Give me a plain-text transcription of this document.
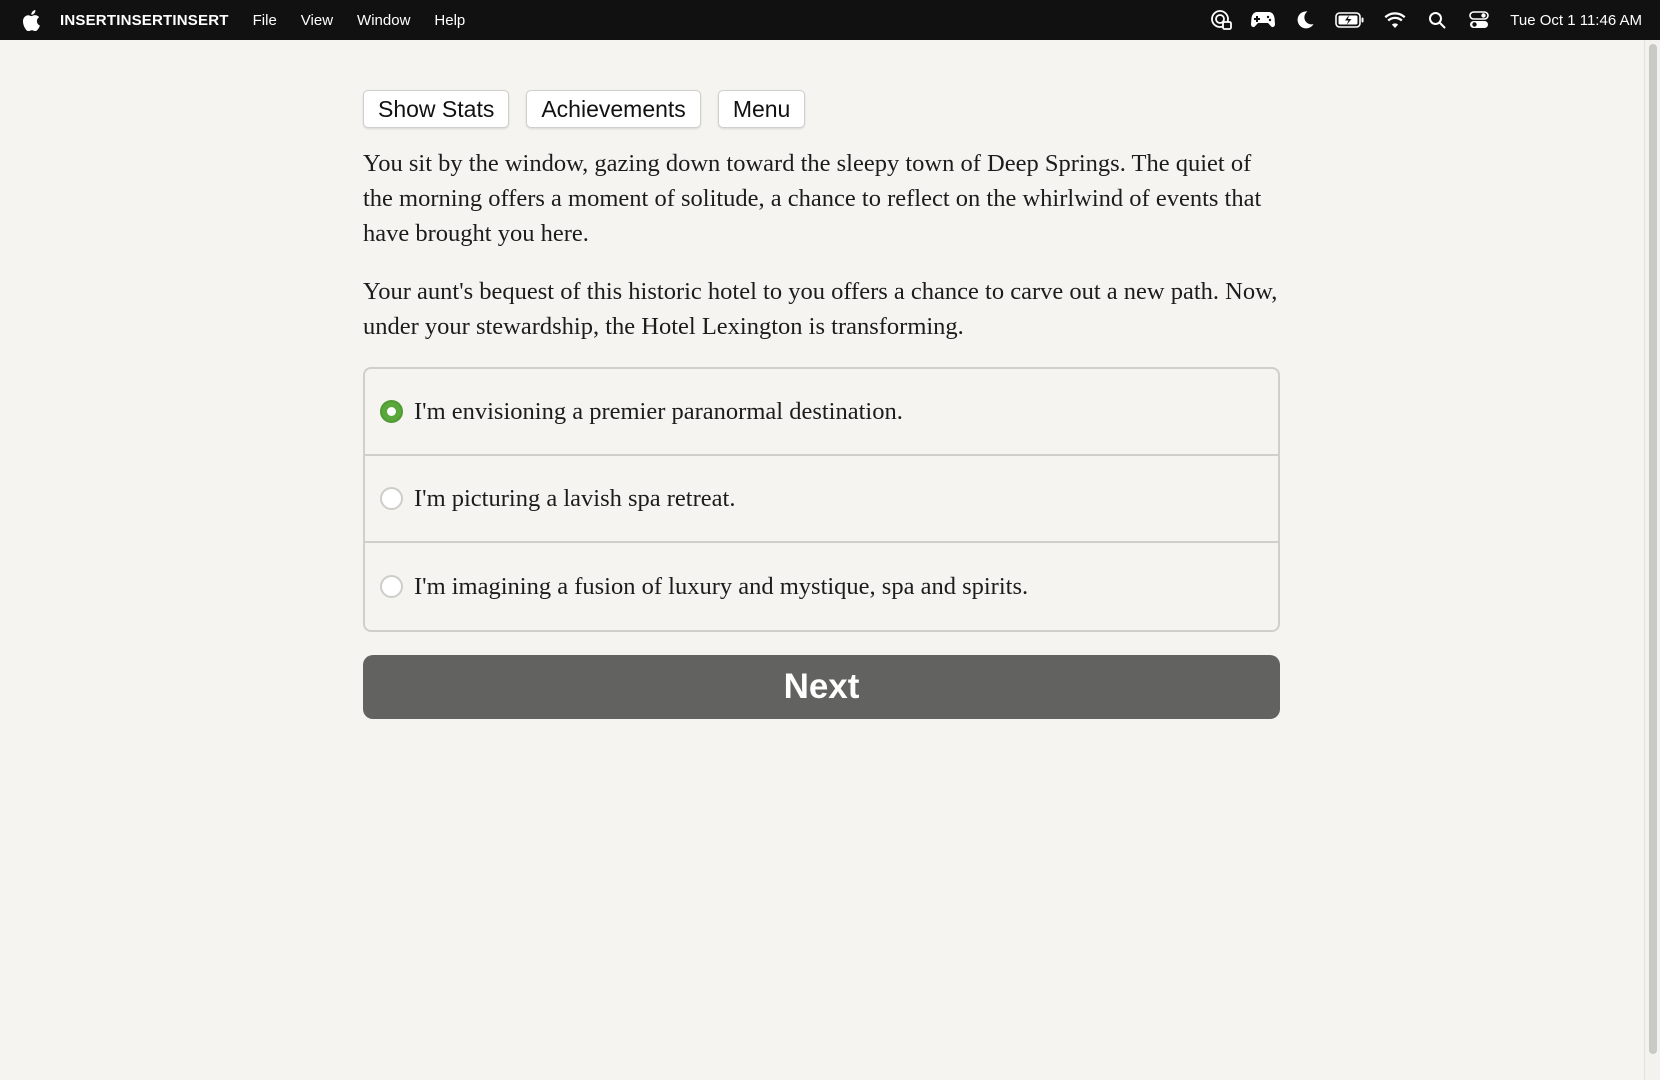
INSERTINSERTINSERT File View Window Help	Tue Oct 1 11:46 AM
Show Stats	Achievements	Menu

You sit by the window, gazing down toward the sleepy town of Deep Springs. The quiet of the morning offers a moment of solitude, a chance to reflect on the whirlwind of events that have brought you here.

Your aunt's bequest of this historic hotel to you offers a chance to carve out a new path. Now, under your stewardship, the Hotel Lexington is transforming.

I'm envisioning a premier paranormal destination.
I'm picturing a lavish spa retreat.
I'm imagining a fusion of luxury and mystique, spa and spirits.
Next
